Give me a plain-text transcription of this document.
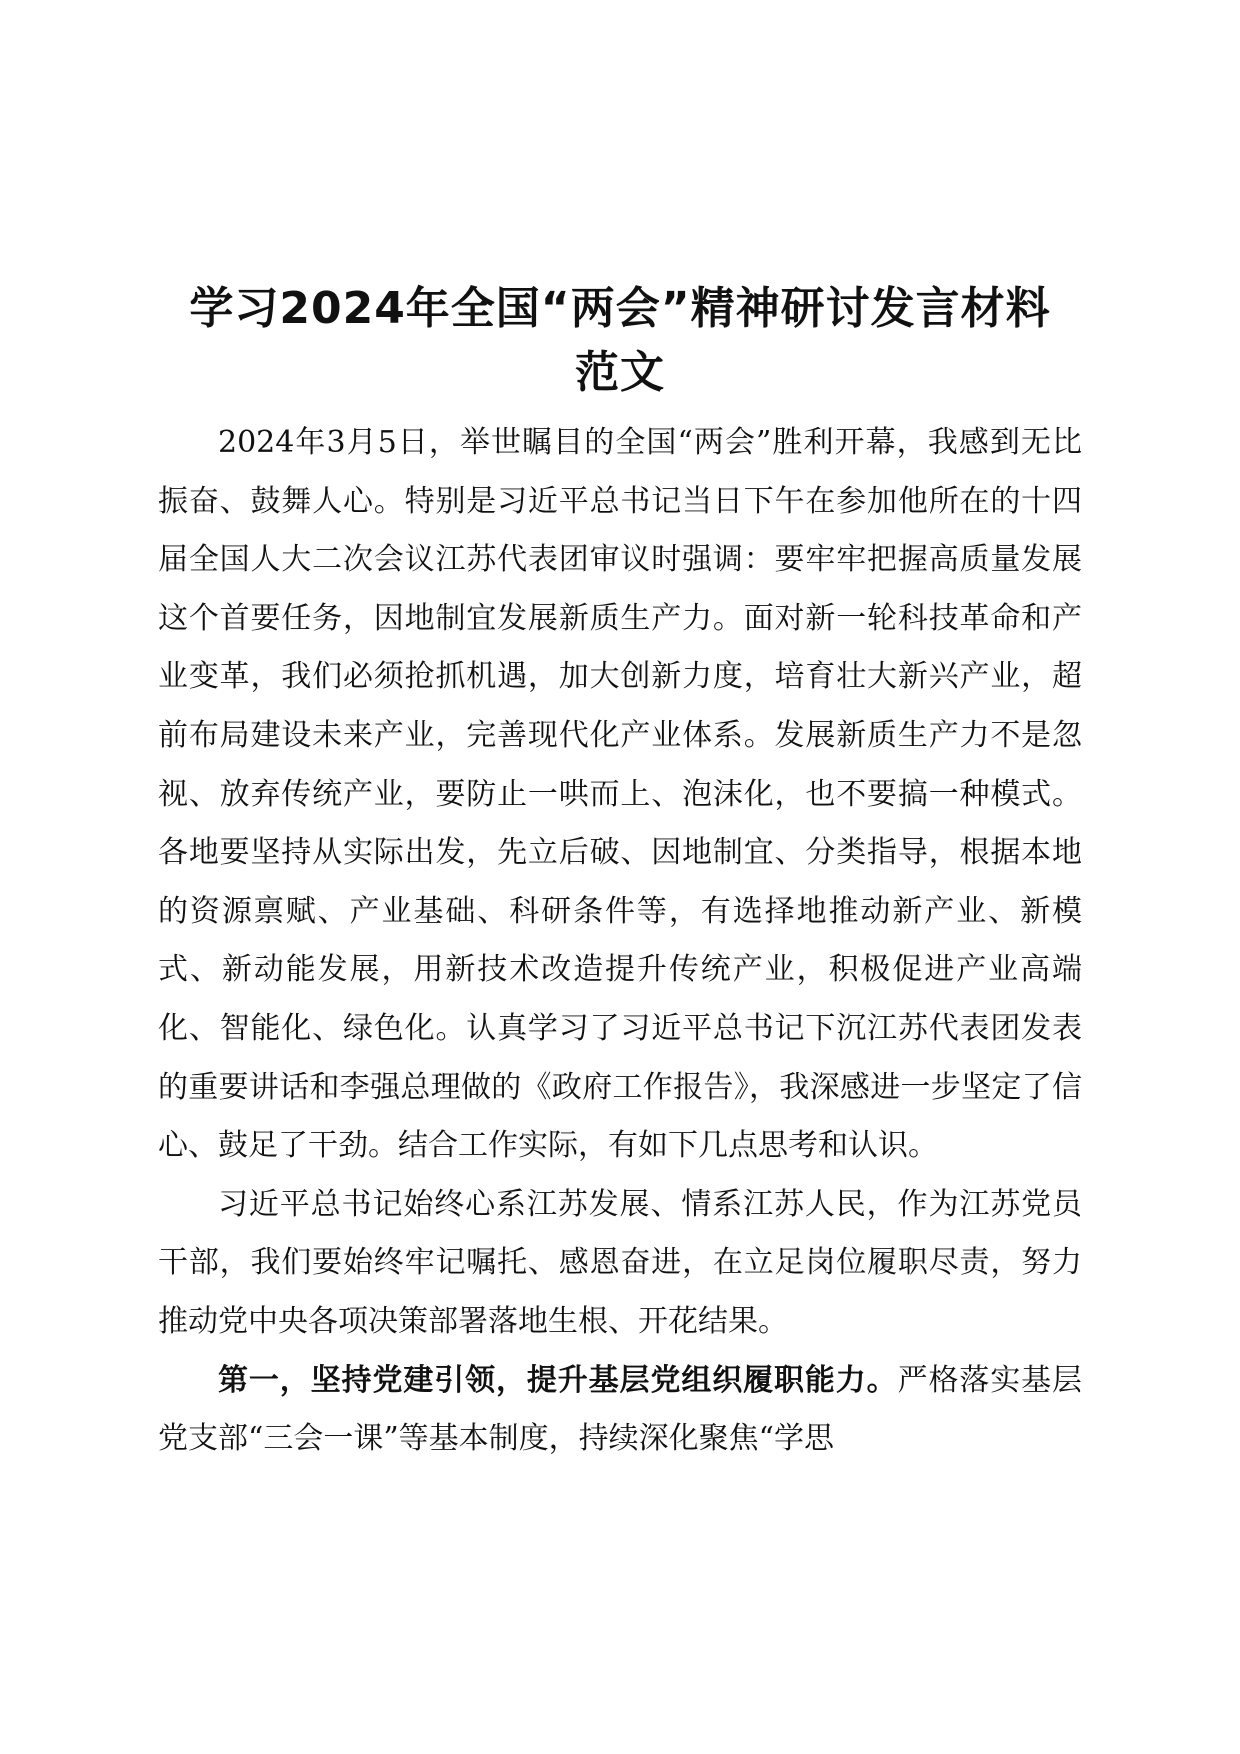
学习2024年全国“两会”精神研讨发言材料
范文

2024年3月5日，举世瞩目的全国“两会”胜利开幕，我感到无比振奋、鼓舞人心。特别是习近平总书记当日下午在参加他所在的十四届全国人大二次会议江苏代表团审议时强调：要牢牢把握高质量发展这个首要任务，因地制宜发展新质生产力。面对新一轮科技革命和产业变革，我们必须抢抓机遇，加大创新力度，培育壮大新兴产业，超前布局建设未来产业，完善现代化产业体系。发展新质生产力不是忽视、放弃传统产业，要防止一哄而上、泡沫化，也不要搞一种模式。各地要坚持从实际出发，先立后破、因地制宜、分类指导，根据本地的资源禀赋、产业基础、科研条件等，有选择地推动新产业、新模式、新动能发展，用新技术改造提升传统产业，积极促进产业高端化、智能化、绿色化。认真学习了习近平总书记下沉江苏代表团发表的重要讲话和李强总理做的《政府工作报告》，我深感进一步坚定了信心、鼓足了干劲。结合工作实际，有如下几点思考和认识。

习近平总书记始终心系江苏发展、情系江苏人民，作为江苏党员干部，我们要始终牢记嘱托、感恩奋进，在立足岗位履职尽责，努力推动党中央各项决策部署落地生根、开花结果。

第一，坚持党建引领，提升基层党组织履职能力。严格落实基层党支部“三会一课”等基本制度，持续深化聚焦“学思
